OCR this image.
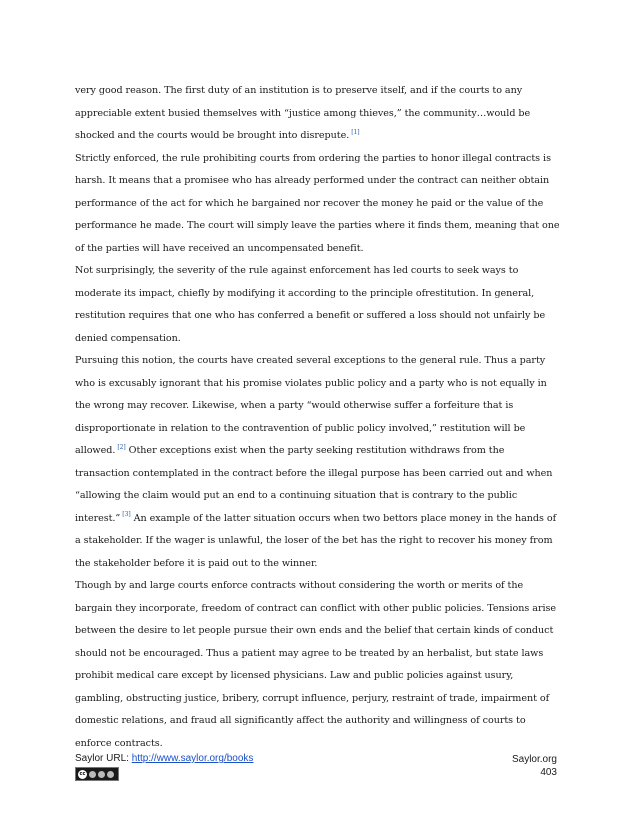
very good reason. The first duty of an institution is to preserve itself, and if the courts to any appreciable extent busied themselves with “justice among thieves,” the community…would be shocked and the courts would be brought into disrepute. [1]

Strictly enforced, the rule prohibiting courts from ordering the parties to honor illegal contracts is harsh. It means that a promisee who has already performed under the contract can neither obtain performance of the act for which he bargained nor recover the money he paid or the value of the performance he made. The court will simply leave the parties where it finds them, meaning that one of the parties will have received an uncompensated benefit.

Not surprisingly, the severity of the rule against enforcement has led courts to seek ways to moderate its impact, chiefly by modifying it according to the principle ofrestitution. In general, restitution requires that one who has conferred a benefit or suffered a loss should not unfairly be denied compensation.

Pursuing this notion, the courts have created several exceptions to the general rule. Thus a party who is excusably ignorant that his promise violates public policy and a party who is not equally in the wrong may recover. Likewise, when a party “would otherwise suffer a forfeiture that is disproportionate in relation to the contravention of public policy involved,” restitution will be allowed. [2] Other exceptions exist when the party seeking restitution withdraws from the transaction contemplated in the contract before the illegal purpose has been carried out and when “allowing the claim would put an end to a continuing situation that is contrary to the public interest.” [3] An example of the latter situation occurs when two bettors place money in the hands of a stakeholder. If the wager is unlawful, the loser of the bet has the right to recover his money from the stakeholder before it is paid out to the winner.

Though by and large courts enforce contracts without considering the worth or merits of the bargain they incorporate, freedom of contract can conflict with other public policies. Tensions arise between the desire to let people pursue their own ends and the belief that certain kinds of conduct should not be encouraged. Thus a patient may agree to be treated by an herbalist, but state laws prohibit medical care except by licensed physicians. Law and public policies against usury, gambling, obstructing justice, bribery, corrupt influence, perjury, restraint of trade, impairment of domestic relations, and fraud all significantly affect the authority and willingness of courts to enforce contracts.

Saylor URL: http://www.saylor.org/books
cc
Saylor.org
403
